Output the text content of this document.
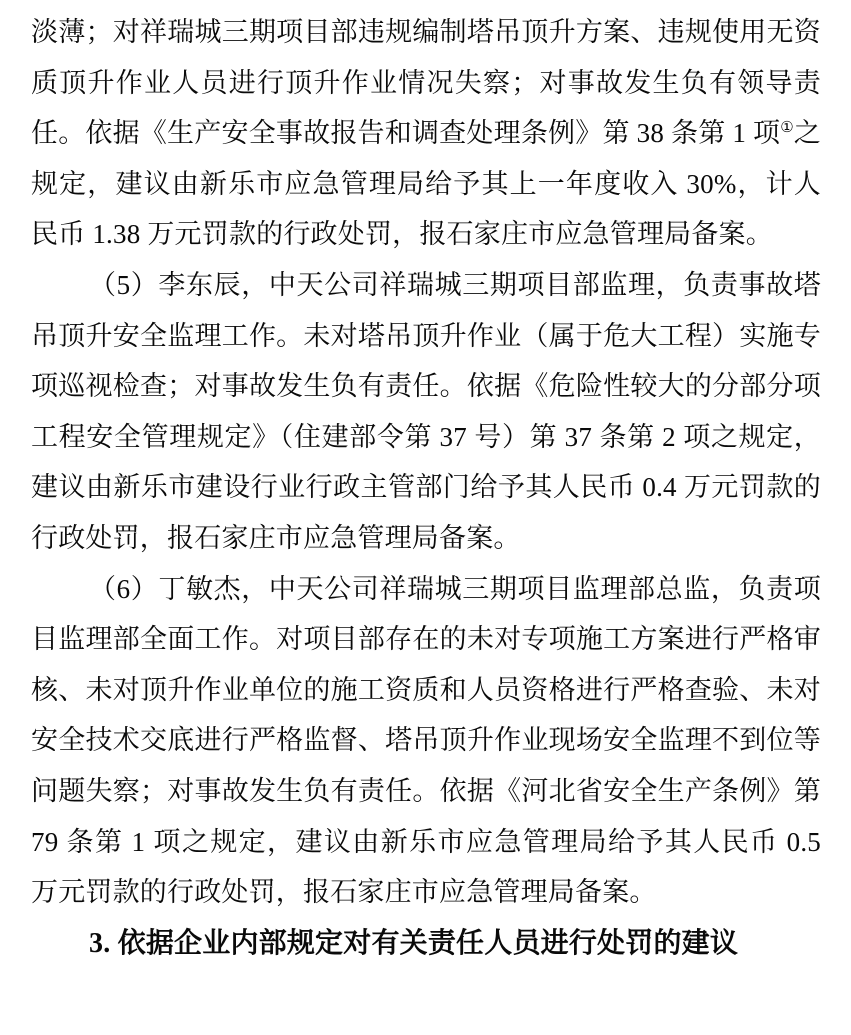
淡薄；对祥瑞城三期项目部违规编制塔吊顶升方案、违规使用无资质顶升作业人员进行顶升作业情况失察；对事故发生负有领导责任。依据《生产安全事故报告和调查处理条例》第 38 条第 1 项①之规定，建议由新乐市应急管理局给予其上一年度收入 30%，计人民币 1.38 万元罚款的行政处罚，报石家庄市应急管理局备案。

（5）李东辰，中天公司祥瑞城三期项目部监理，负责事故塔吊顶升安全监理工作。未对塔吊顶升作业（属于危大工程）实施专项巡视检查；对事故发生负有责任。依据《危险性较大的分部分项工程安全管理规定》（住建部令第 37 号）第 37 条第 2 项之规定，建议由新乐市建设行业行政主管部门给予其人民币 0.4 万元罚款的行政处罚，报石家庄市应急管理局备案。

（6）丁敏杰，中天公司祥瑞城三期项目监理部总监，负责项目监理部全面工作。对项目部存在的未对专项施工方案进行严格审核、未对顶升作业单位的施工资质和人员资格进行严格查验、未对安全技术交底进行严格监督、塔吊顶升作业现场安全监理不到位等问题失察；对事故发生负有责任。依据《河北省安全生产条例》第 79 条第 1 项之规定，建议由新乐市应急管理局给予其人民币 0.5 万元罚款的行政处罚，报石家庄市应急管理局备案。

3. 依据企业内部规定对有关责任人员进行处罚的建议
